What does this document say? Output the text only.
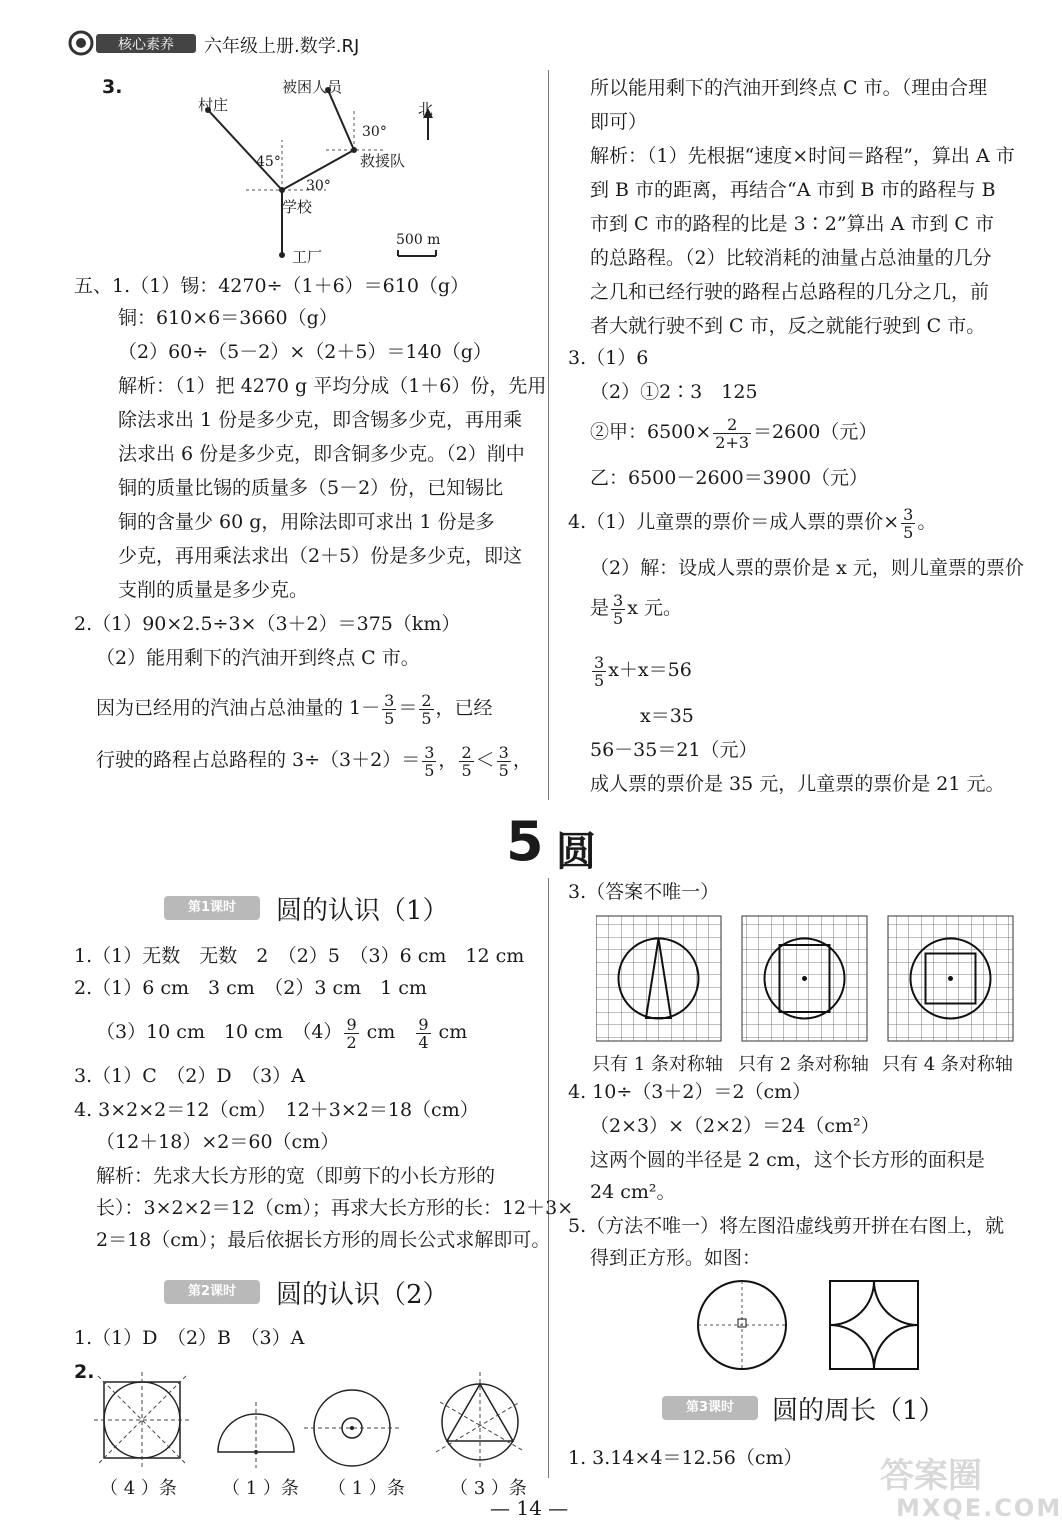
核心素养 六年级上册.数学.RJ
3.
村庄
被困人员
救援队
学校
工厂
北
45°
30°
30°
500 m
五、1.（1）锡：4270÷（1＋6）＝610（g）
铜：610×6＝3660（g）
（2）60÷（5－2）×（2＋5）＝140（g）
解析：（1）把 4270 g 平均分成（1＋6）份，先用
除法求出 1 份是多少克，即含锡多少克，再用乘
法求出 6 份是多少克，即含铜多少克。（2）削中
铜的质量比锡的质量多（5－2）份，已知锡比
铜的含量少 60 g，用除法即可求出 1 份是多
少克，再用乘法求出（2＋5）份是多少克，即这
支削的质量是多少克。
2.（1）90×2.5÷3×（3＋2）＝375（km）
（2）能用剩下的汽油开到终点 C 市。
因为已经用的汽油占总油量的 $1- \frac{3}{5} = \frac{2}{5}$ ，已经
行驶的路程占总路程的 $3\div(3+2)= \frac{3}{5}$ ， $\frac{2}{5} < \frac{3}{5}$ ，
所以能用剩下的汽油开到终点 C 市。（理由合理
即可）
解析：（1）先根据“速度×时间＝路程”，算出 A 市
到 B 市的距离，再结合“A 市到 B 市的路程与 B
市到 C 市的路程的比是 3∶2”算出 A 市到 C 市
的总路程。（2）比较消耗的油量占总油量的几分
之几和已经行驶的路程占总路程的几分之几，前
者大就行驶不到 C 市，反之就能行驶到 C 市。
3.（1）6
（2）①2∶3　125
②甲：$6500\times \frac{2}{2+3} =2600$（元）
乙：6500－2600＝3900（元）
4.（1）儿童票的票价＝成人票的票价× $\frac{3}{5}$ 。
（2）解：设成人票的票价是 x 元，则儿童票的票价
是 $\frac{3}{5}$ x 元。
$\frac{3}{5} x+x=56$
x＝35
56－35＝21（元）
成人票的票价是 35 元，儿童票的票价是 21 元。
5 圆
第1课时	圆的认识（1）
1.（1）无数　无数　2　（2）5　（3）6 cm　12 cm
2.（1）6 cm　3 cm　（2）3 cm　1 cm
（3）10 cm　10 cm　$(4) \frac{9}{2}$ cm　 $\frac{9}{4}$ cm
3.（1）C　（2）D　（3）A
4. 3×2×2＝12（cm）　12＋3×2＝18（cm）
（12＋18）×2＝60（cm）
解析：先求大长方形的宽（即剪下的小长方形的
长）：3×2×2＝12（cm）；再求大长方形的长：12＋3×
2＝18（cm）；最后依据长方形的周长公式求解即可。
第2课时	圆的认识（2）
1.（1）D　（2）B　（3）A
2.
（ 4 ）条	（ 1 ）条 （ 1 ）条	（ 3 ）条
3.（答案不唯一）
只有 1 条对称轴 只有 2 条对称轴 只有 4 条对称轴
4. 10÷（3＋2）＝2（cm）
（2×3）×（2×2）＝24（cm²）
这两个圆的半径是 2 cm，这个长方形的面积是
24 cm²。
5.（方法不唯一）将左图沿虚线剪开拼在右图上，就
得到正方形。如图：
第3课时	圆的周长（1）
1. 3.14×4＝12.56（cm）
— 14 —
答案圈
MXQE.COM
